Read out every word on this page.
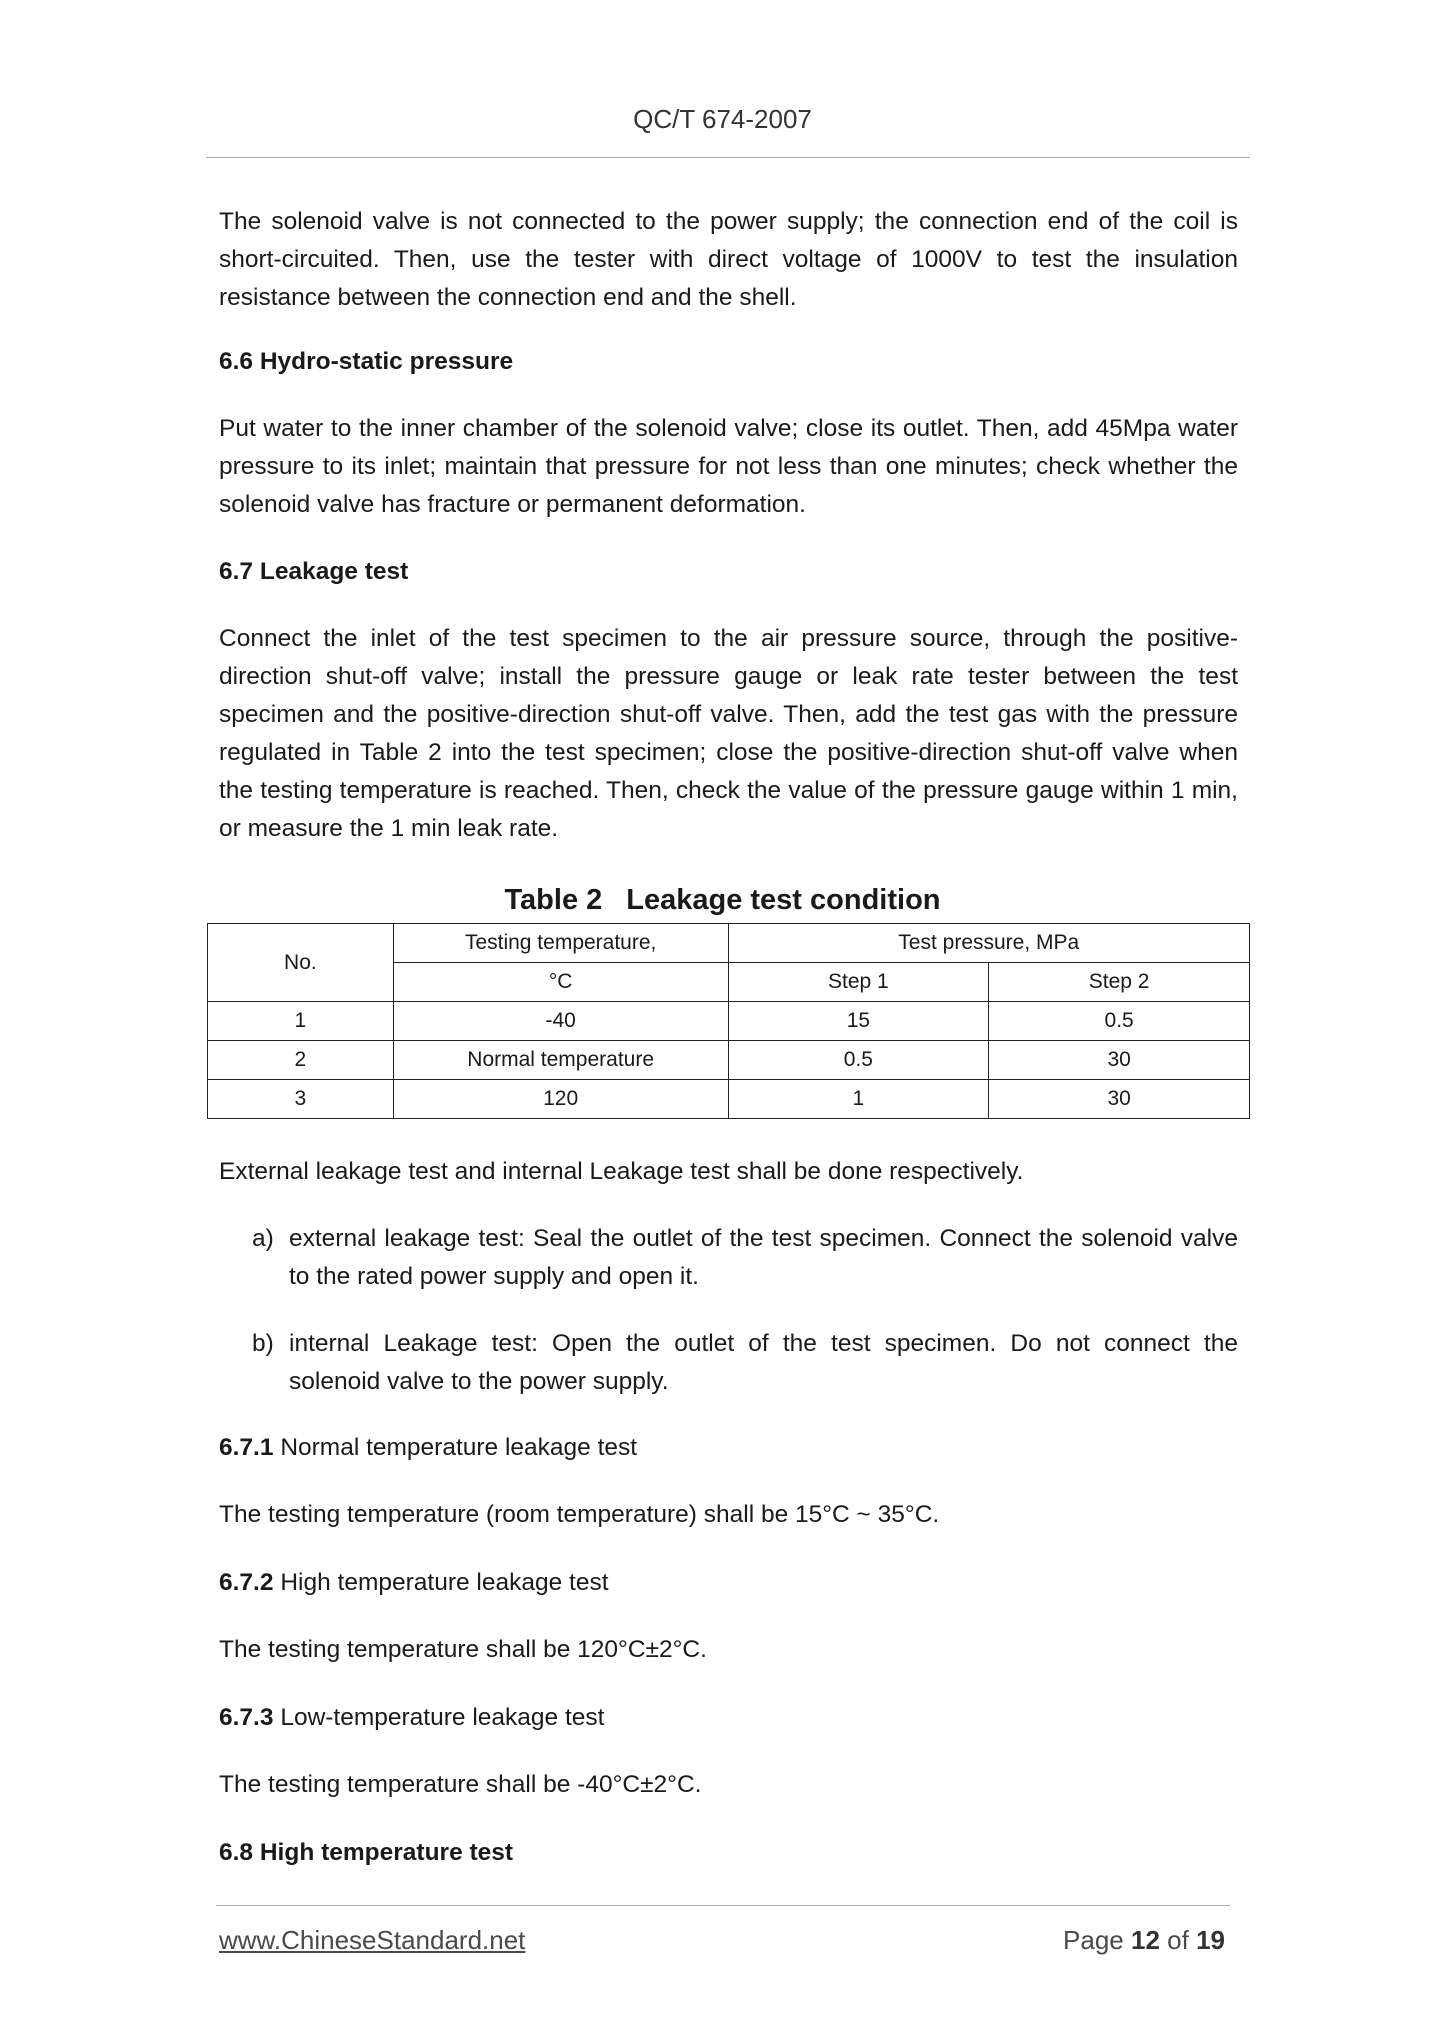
QC/T 674-2007

The solenoid valve is not connected to the power supply; the connection end of the coil is short-circuited. Then, use the tester with direct voltage of 1000V to test the insulation resistance between the connection end and the shell.

6.6 Hydro-static pressure

Put water to the inner chamber of the solenoid valve; close its outlet. Then, add 45Mpa water pressure to its inlet; maintain that pressure for not less than one minutes; check whether the solenoid valve has fracture or permanent deformation.

6.7 Leakage test

Connect the inlet of the test specimen to the air pressure source, through the positive-direction shut-off valve; install the pressure gauge or leak rate tester between the test specimen and the positive-direction shut-off valve. Then, add the test gas with the pressure regulated in Table 2 into the test specimen; close the positive-direction shut-off valve when the testing temperature is reached. Then, check the value of the pressure gauge within 1 min, or measure the 1 min leak rate.

Table 2 Leakage test condition
No.	Testing temperature,	Test pressure, MPa	
	°C	Step 1	Step 2
1	-40	15	0.5
2	Normal temperature	0.5	30
3	120	1	30

External leakage test and internal Leakage test shall be done respectively.

a) external leakage test: Seal the outlet of the test specimen. Connect the solenoid valve to the rated power supply and open it.
b) internal Leakage test: Open the outlet of the test specimen. Do not connect the solenoid valve to the power supply.

6.7.1 Normal temperature leakage test

The testing temperature (room temperature) shall be 15°C ~ 35°C.

6.7.2 High temperature leakage test

The testing temperature shall be 120°C±2°C.

6.7.3 Low-temperature leakage test

The testing temperature shall be -40°C±2°C.

6.8 High temperature test
www.ChineseStandard.net	Page 12 of 19
